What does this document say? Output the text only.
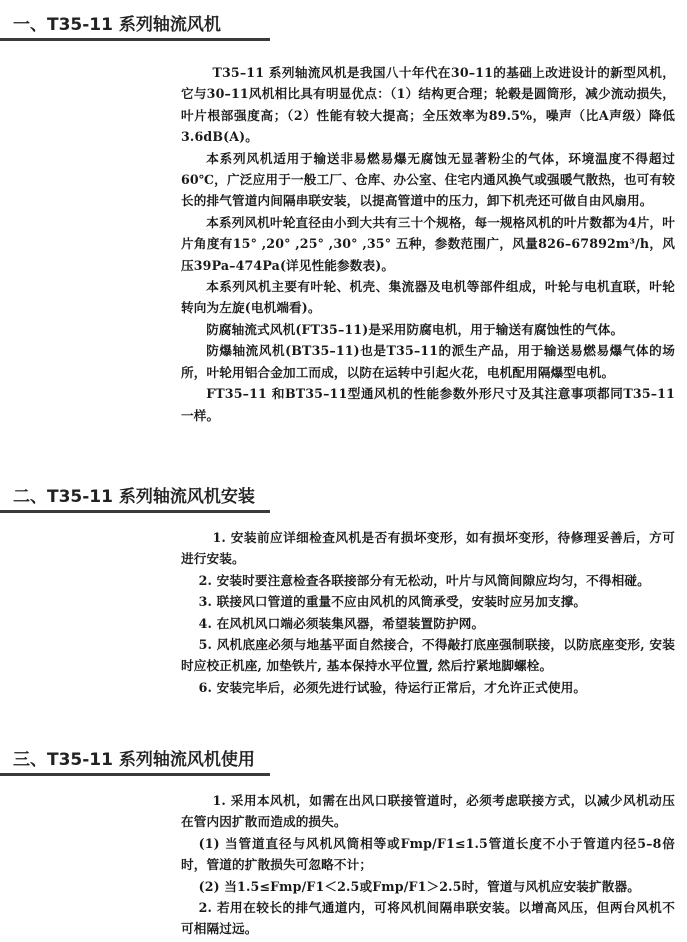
一、T35-11 系列轴流风机

T35–11 系列轴流风机是我国八十年代在30–11的基础上改进设计的新型风机，它与30–11风机相比具有明显优点：（1）结构更合理；轮毂是圆筒形，减少流动损失，叶片根部强度高；（2）性能有较大提高；全压效率为89.5%，噪声（比A声级）降低3.6dB(A)。

本系列风机适用于输送非易燃易爆无腐蚀无显著粉尘的气体，环境温度不得超过60℃，广泛应用于一般工厂、仓库、办公室、住宅内通风换气或强暖气散热，也可有较长的排气管道内间隔串联安装，以提高管道中的压力，卸下机壳还可做自由风扇用。

本系列风机叶轮直径由小到大共有三十个规格，每一规格风机的叶片数都为4片，叶片角度有15° ,20° ,25° ,30° ,35° 五种，参数范围广，风量826–67892m³/h，风压39Pa–474Pa(详见性能参数表)。

本系列风机主要有叶轮、机壳、集流器及电机等部件组成，叶轮与电机直联，叶轮转向为左旋(电机端看)。

防腐轴流式风机(FT35–11)是采用防腐电机，用于输送有腐蚀性的气体。

防爆轴流风机(BT35–11)也是T35–11的派生产品，用于输送易燃易爆气体的场所，叶轮用铝合金加工而成，以防在运转中引起火花，电机配用隔爆型电机。

FT35–11 和BT35–11型通风机的性能参数外形尺寸及其注意事项都同T35–11一样。

二、T35-11 系列轴流风机安装

1. 安装前应详细检查风机是否有损坏变形，如有损坏变形，待修理妥善后，方可进行安装。

2. 安装时要注意检查各联接部分有无松动，叶片与风筒间隙应均匀，不得相碰。

3. 联接风口管道的重量不应由风机的风筒承受，安装时应另加支撑。

4. 在风机风口端必须装集风器，希望装置防护网。

5. 风机底座必须与地基平面自然接合，不得敲打底座强制联接，以防底座变形, 安装时应校正机座, 加垫铁片, 基本保持水平位置, 然后拧紧地脚螺栓。

6. 安装完毕后，必须先进行试验，待运行正常后，才允许正式使用。

三、T35-11 系列轴流风机使用

1. 采用本风机，如需在出风口联接管道时，必须考虑联接方式，以减少风机动压在管内因扩散而造成的损失。

(1) 当管道直径与风机风筒相等或Fmp/F1≤1.5管道长度不小于管道内径5–8倍时，管道的扩散损失可忽略不计；

(2) 当1.5≤Fmp/F1＜2.5或Fmp/F1＞2.5时，管道与风机应安装扩散器。

2. 若用在较长的排气通道内，可将风机间隔串联安装。以增高风压，但两台风机不可相隔过远。
